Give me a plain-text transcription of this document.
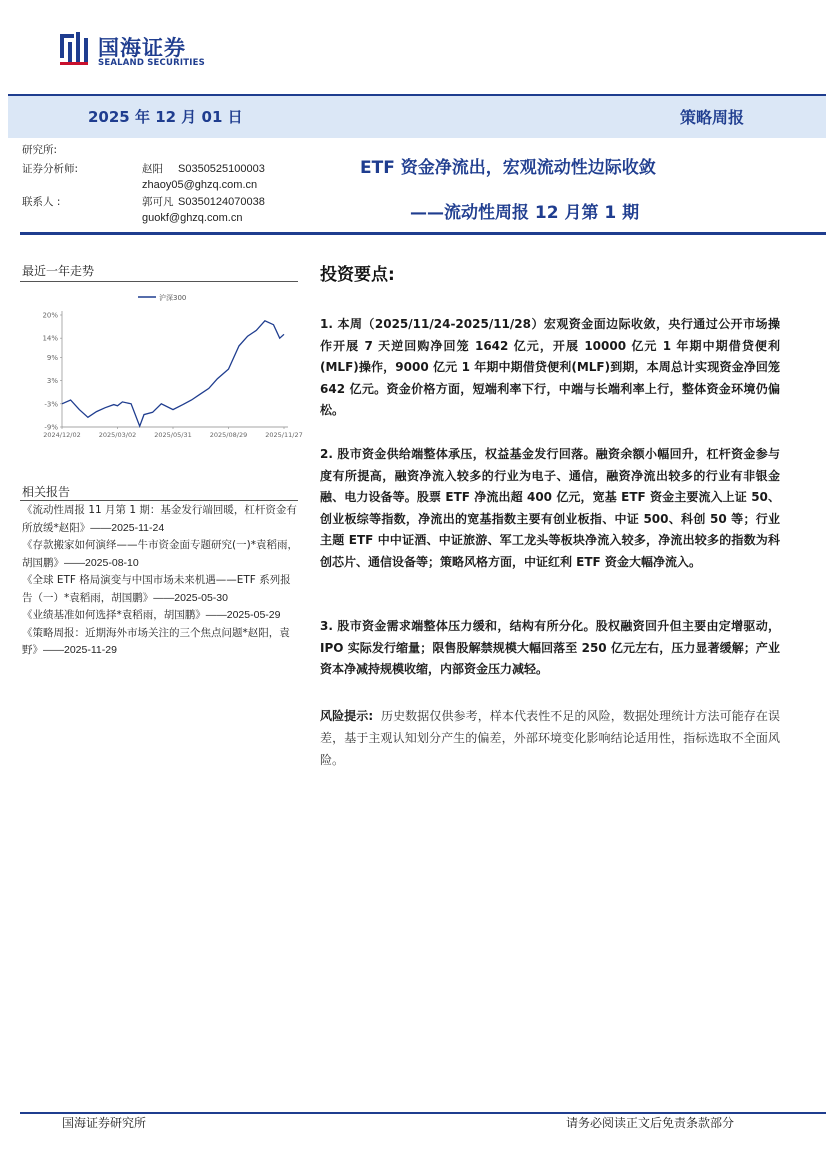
国海证券
SEALAND SECURITIES
2025 年 12 月 01 日	策略周报
研究所:
证券分析师:	赵阳 S0350525100003
zhaoy05@ghzq.com.cn
联系人 :	郭可凡 S0350124070038
guokf@ghzq.com.cn
ETF 资金净流出，宏观流动性边际收敛
——流动性周报 12 月第 1 期
最近一年走势
20%
14%
9%
3%
-3%
-9%
2024/12/02	2025/03/02	2025/05/31	2025/08/29	2025/11/27
沪深300
相关报告
《流动性周报 11 月第 1 期：基金发行端回暖，杠杆资金有所放缓*赵阳》——2025-11-24
《存款搬家如何演绎——牛市资金面专题研究(一)*袁稻雨，胡国鹏》——2025-08-10
《全球 ETF 格局演变与中国市场未来机遇——ETF 系列报告（一）*袁稻雨，胡国鹏》——2025-05-30
《业绩基准如何选择*袁稻雨，胡国鹏》——2025-05-29
《策略周报：近期海外市场关注的三个焦点问题*赵阳，袁野》——2025-11-29
投资要点:
1. 本周（2025/11/24-2025/11/28）宏观资金面边际收敛，央行通过公开市场操作开展 7 天逆回购净回笼 1642 亿元，开展 10000 亿元 1 年期中期借贷便利(MLF)操作，9000 亿元 1 年期中期借贷便利(MLF)到期，本周总计实现资金净回笼 642 亿元。资金价格方面，短端利率下行，中端与长端利率上行，整体资金环境仍偏松。
2. 股市资金供给端整体承压，权益基金发行回落。融资余额小幅回升，杠杆资金参与度有所提高，融资净流入较多的行业为电子、通信，融资净流出较多的行业有非银金融、电力设备等。股票 ETF 净流出超 400 亿元，宽基 ETF 资金主要流入上证 50、创业板综等指数，净流出的宽基指数主要有创业板指、中证 500、科创 50 等；行业主题 ETF 中中证酒、中证旅游、军工龙头等板块净流入较多，净流出较多的指数为科创芯片、通信设备等；策略风格方面，中证红利 ETF 资金大幅净流入。
3. 股市资金需求端整体压力缓和，结构有所分化。股权融资回升但主要由定增驱动，IPO 实际发行缩量；限售股解禁规模大幅回落至 250 亿元左右，压力显著缓解；产业资本净减持规模收缩，内部资金压力减轻。
风险提示: 历史数据仅供参考，样本代表性不足的风险，数据处理统计方法可能存在误差，基于主观认知划分产生的偏差，外部环境变化影响结论适用性，指标选取不全面风险。
国海证券研究所	请务必阅读正文后免责条款部分
